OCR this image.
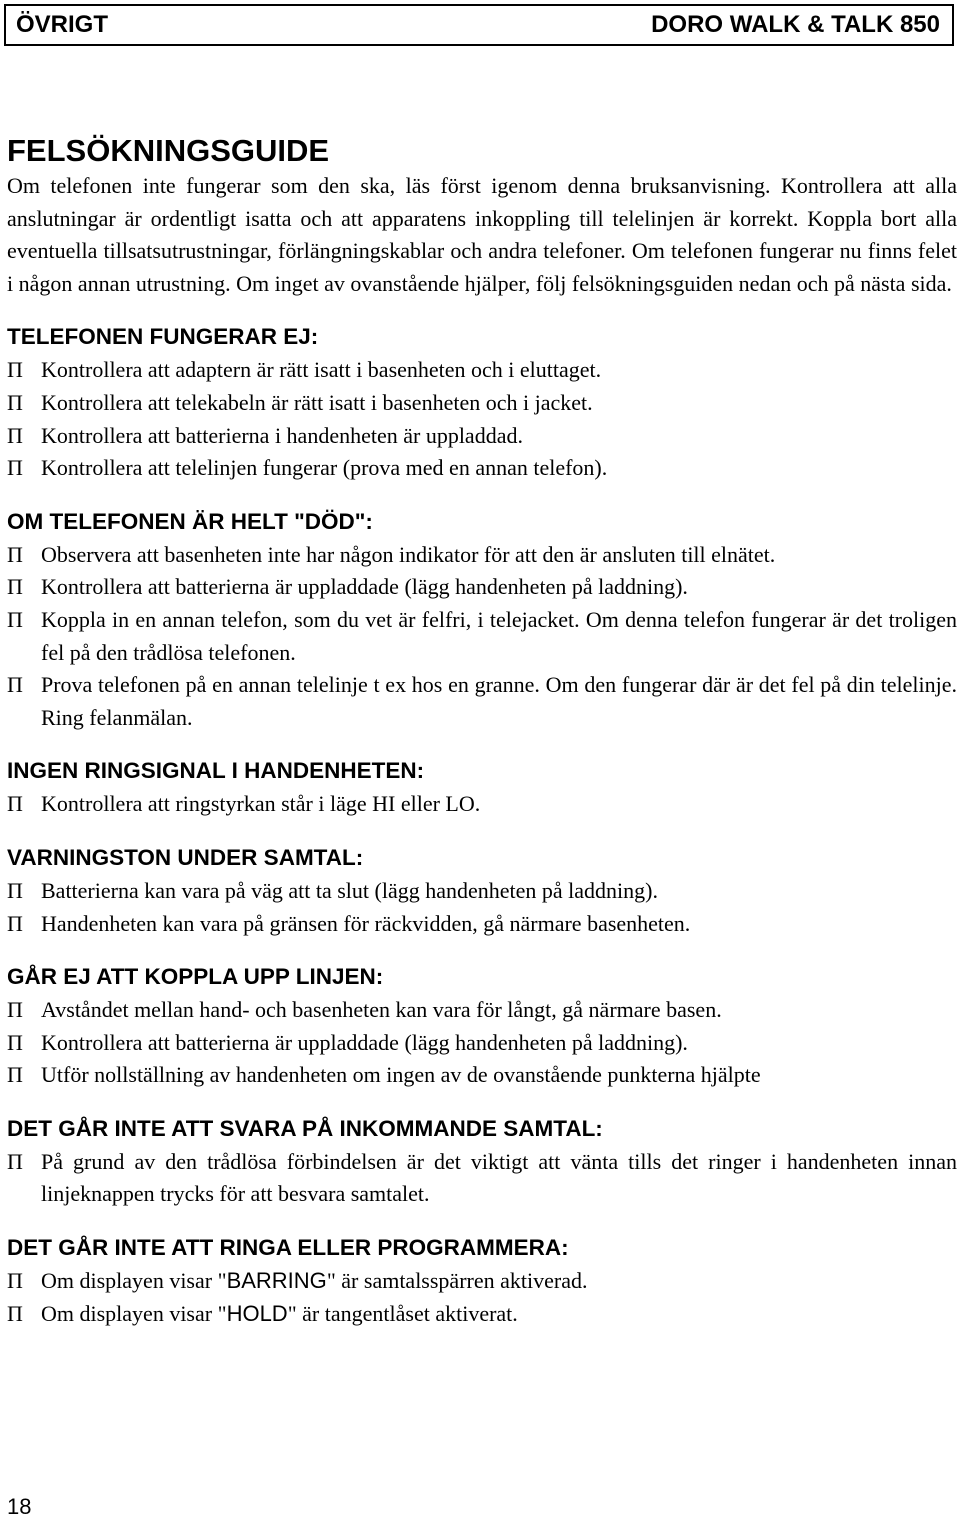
ÖVRIGT	DORO WALK & TALK 850
FELSÖKNINGSGUIDE

Om telefonen inte fungerar som den ska, läs först igenom denna bruksanvisning. Kontrollera att alla anslutningar är ordentligt isatta och att apparatens inkoppling till telelinjen är korrekt. Koppla bort alla eventuella tillsatsutrustningar, förlängningskablar och andra telefoner. Om telefonen fungerar nu finns felet i någon annan utrustning. Om inget av ovanstående hjälper, följ felsökningsguiden nedan och på nästa sida.

TELEFONEN FUNGERAR EJ:
Π Kontrollera att adaptern är rätt isatt i basenheten och i eluttaget.
Π Kontrollera att telekabeln är rätt isatt i basenheten och i jacket.
Π Kontrollera att batterierna i handenheten är uppladdad.
Π Kontrollera att telelinjen fungerar (prova med en annan telefon).
OM TELEFONEN ÄR HELT "DÖD":
Π Observera att basenheten inte har någon indikator för att den är ansluten till elnätet.
Π Kontrollera att batterierna är uppladdade (lägg handenheten på laddning).
Π Koppla in en annan telefon, som du vet är felfri, i telejacket. Om denna telefon fungerar är det troligen fel på den trådlösa telefonen.
Π Prova telefonen på en annan telelinje t ex hos en granne. Om den fungerar där är det fel på din telelinje. Ring felanmälan.
INGEN RINGSIGNAL I HANDENHETEN:
Π Kontrollera att ringstyrkan står i läge HI eller LO.
VARNINGSTON UNDER SAMTAL:
Π Batterierna kan vara på väg att ta slut (lägg handenheten på laddning).
Π Handenheten kan vara på gränsen för räckvidden, gå närmare basenheten.
GÅR EJ ATT KOPPLA UPP LINJEN:
Π Avståndet mellan hand- och basenheten kan vara för långt, gå närmare basen.
Π Kontrollera att batterierna är uppladdade (lägg handenheten på laddning).
Π Utför nollställning av handenheten om ingen av de ovanstående punkterna hjälpte
DET GÅR INTE ATT SVARA PÅ INKOMMANDE SAMTAL:
Π På grund av den trådlösa förbindelsen är det viktigt att vänta tills det ringer i handenheten innan linjeknappen trycks för att besvara samtalet.
DET GÅR INTE ATT RINGA ELLER PROGRAMMERA:
Π Om displayen visar "BARRING" är samtalsspärren aktiverad.
Π Om displayen visar "HOLD" är tangentlåset aktiverat.
18
